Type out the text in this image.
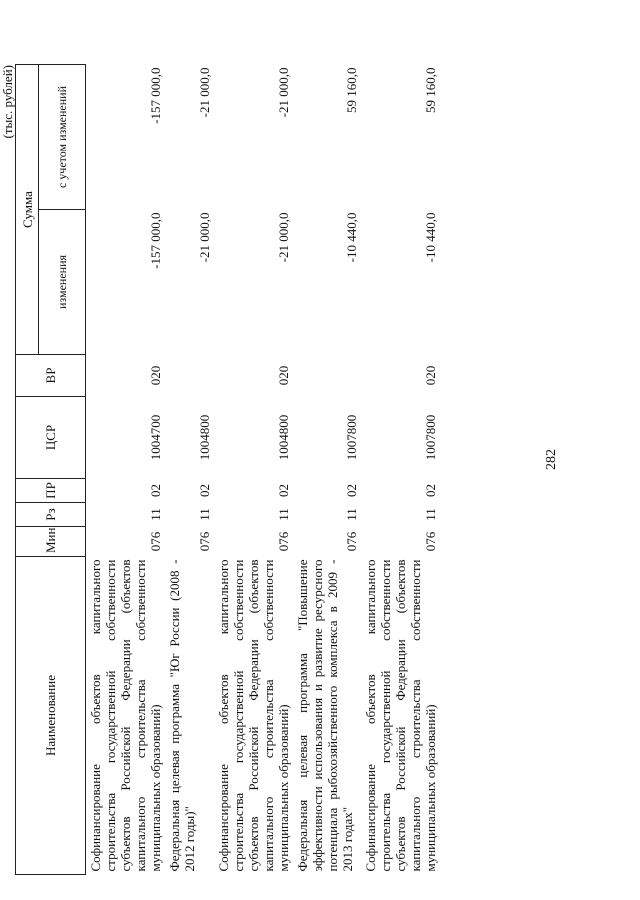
282
(тыс. рублей)
Наименование	Мин	Рз	ПР	ЦСР	ВР	Сумма	
						изменения	с учетом изменений
Софинансирование объектов капитального строительства государственной собственности субъектов Российской Федерации (объектов капитального строительства собственности муниципальных образований)	076	11	02	1004700	020	-157 000,0	-157 000,0
Федеральная целевая программа "Юг России (2008 - 2012 годы)"	076	11	02	1004800		-21 000,0	-21 000,0
Софинансирование объектов капитального строительства государственной собственности субъектов Российской Федерации (объектов капитального строительства собственности муниципальных образований)	076	11	02	1004800	020	-21 000,0	-21 000,0
Федеральная целевая программа "Повышение эффективности использования и развитие ресурсного потенциала рыбохозяйственного комплекса в 2009 - 2013 годах"	076	11	02	1007800		-10 440,0	59 160,0
Софинансирование объектов капитального строительства государственной собственности субъектов Российской Федерации (объектов капитального строительства собственности муниципальных образований)	076	11	02	1007800	020	-10 440,0	59 160,0
